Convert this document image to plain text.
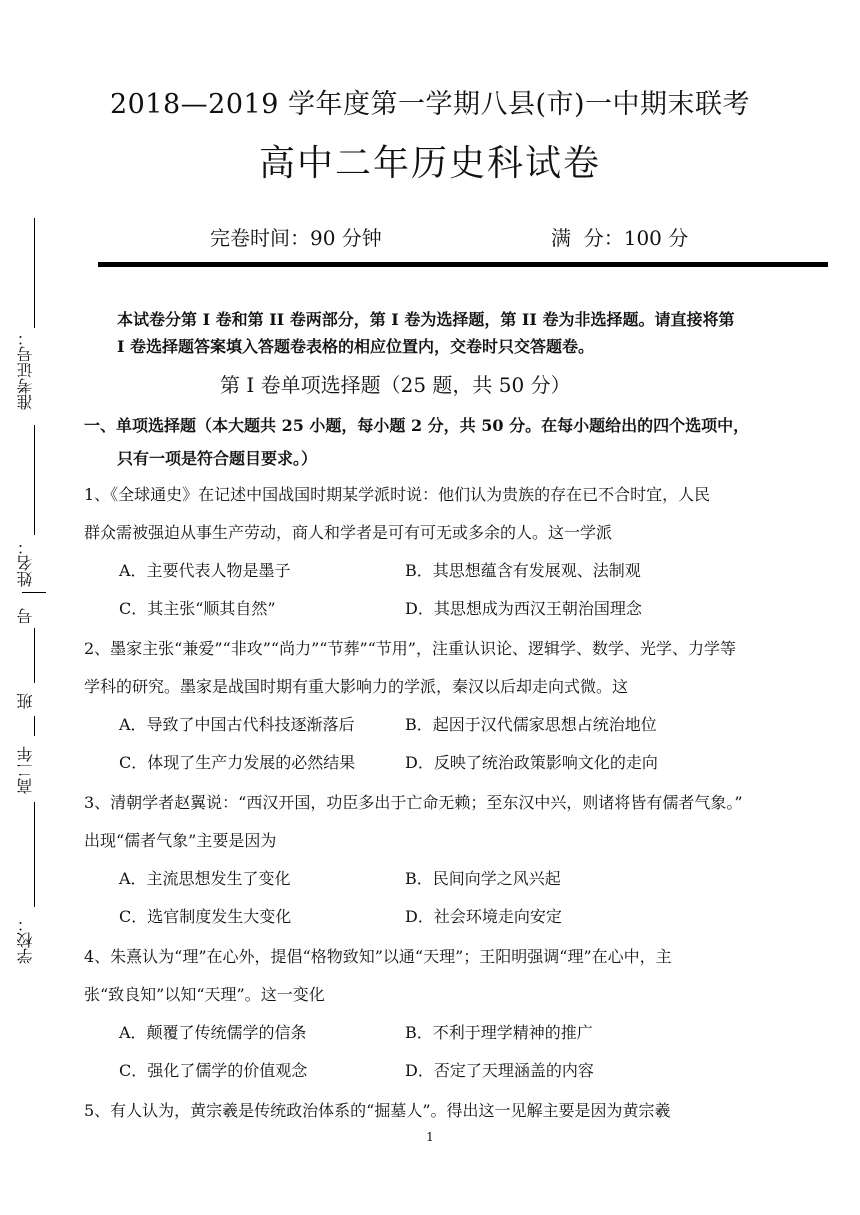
准考证号：
姓名：
号
班
高二年
学校：
2018—2019 学年度第一学期八县(市)一中期末联考
高中二年历史科试卷
完卷时间：90 分钟	满  分：100 分
本试卷分第 I 卷和第 II 卷两部分，第 I 卷为选择题，第 II 卷为非选择题。请直接将第
I 卷选择题答案填入答题卷表格的相应位置内，交卷时只交答题卷。
第 I 卷单项选择题（25 题，共 50 分）
一、单项选择题（本大题共 25 小题，每小题 2 分，共 50 分。在每小题给出的四个选项中，
只有一项是符合题目要求。）
1、《全球通史》在记述中国战国时期某学派时说：他们认为贵族的存在已不合时宜，人民
群众需被强迫从事生产劳动，商人和学者是可有可无或多余的人。这一学派
A．主要代表人物是墨子	B．其思想蕴含有发展观、法制观
C．其主张“顺其自然”	D．其思想成为西汉王朝治国理念
2、墨家主张“兼爱”“非攻”“尚力”“节葬”“节用”，注重认识论、逻辑学、数学、光学、力学等
学科的研究。墨家是战国时期有重大影响力的学派，秦汉以后却走向式微。这
A．导致了中国古代科技逐渐落后	B．起因于汉代儒家思想占统治地位
C．体现了生产力发展的必然结果	D．反映了统治政策影响文化的走向
3、清朝学者赵翼说：“西汉开国，功臣多出于亡命无赖；至东汉中兴，则诸将皆有儒者气象。”
出现“儒者气象”主要是因为
A．主流思想发生了变化	B．民间向学之风兴起
C．选官制度发生大变化	D．社会环境走向安定
4、朱熹认为“理”在心外，提倡“格物致知”以通“天理”；王阳明强调“理”在心中，主
张“致良知”以知“天理”。这一变化
A．颠覆了传统儒学的信条	B．不利于理学精神的推广
C．强化了儒学的价值观念	D．否定了天理涵盖的内容
5、有人认为，黄宗羲是传统政治体系的“掘墓人”。得出这一见解主要是因为黄宗羲
1
